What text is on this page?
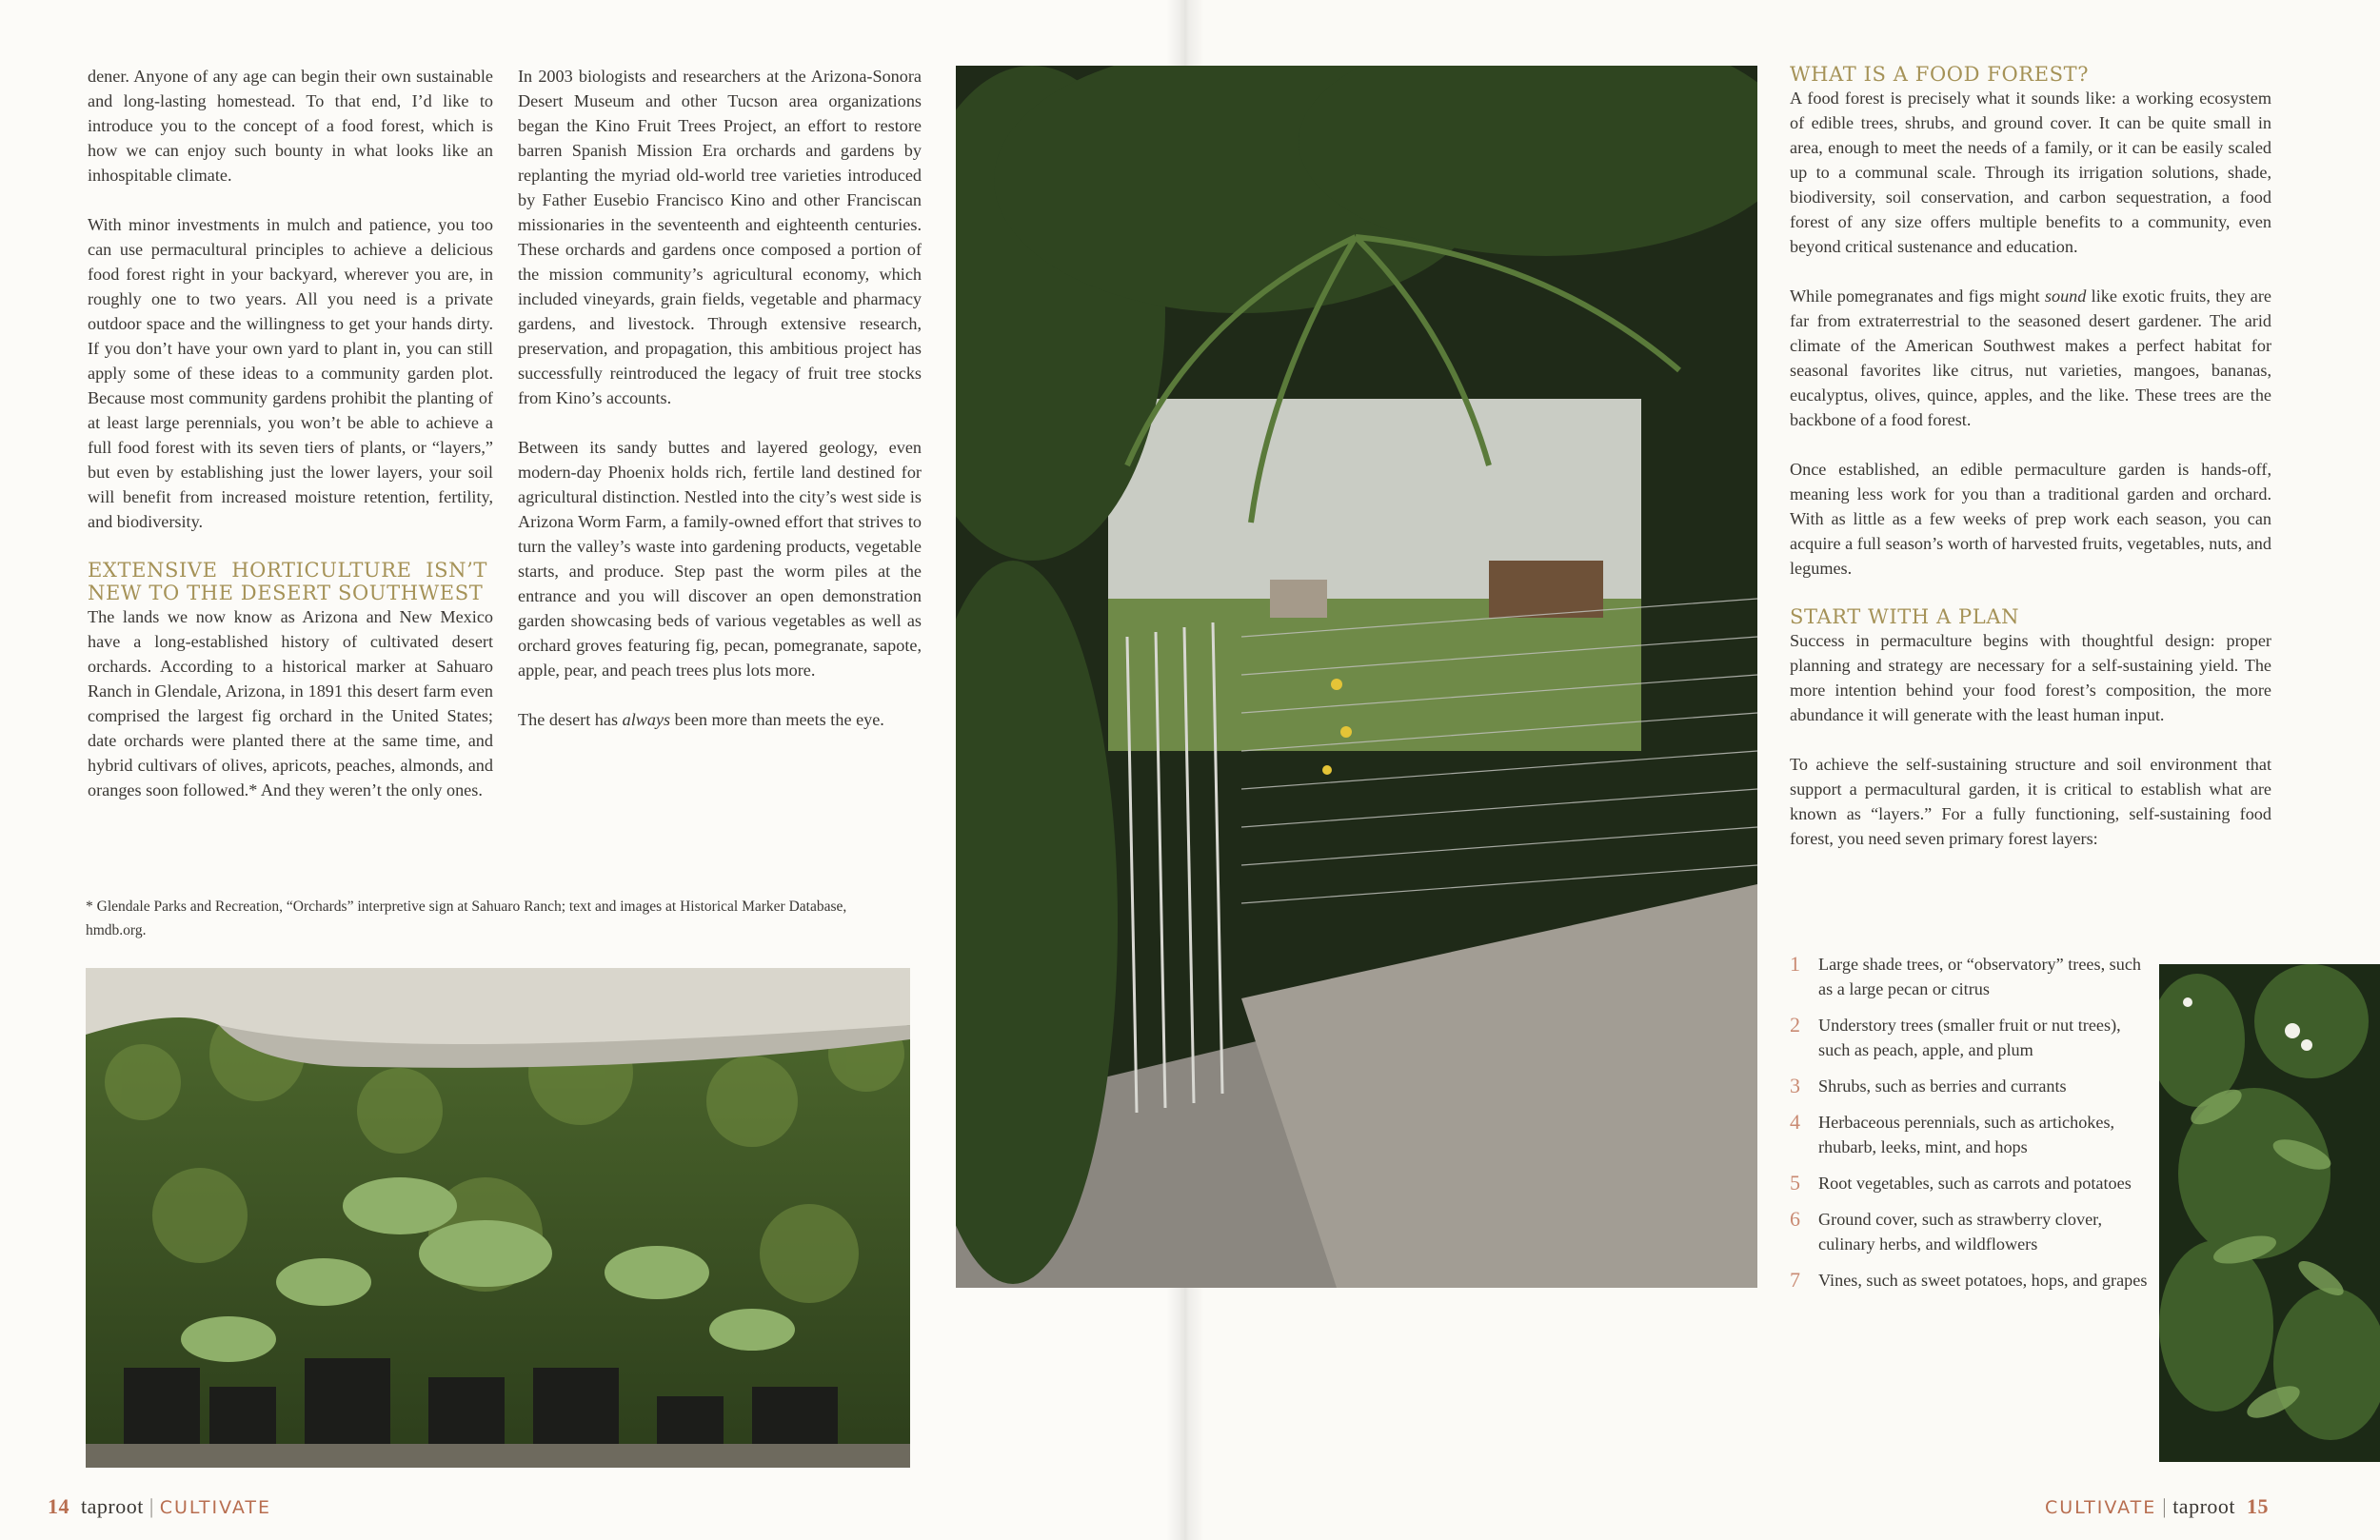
dener. Anyone of any age can begin their own sustainable and long-lasting homestead. To that end, I’d like to introduce you to the concept of a food forest, which is how we can enjoy such bounty in what looks like an inhospitable climate.

With minor investments in mulch and patience, you too can use permacultural principles to achieve a delicious food forest right in your backyard, wherever you are, in roughly one to two years. All you need is a private outdoor space and the willingness to get your hands dirty. If you don’t have your own yard to plant in, you can still apply some of these ideas to a community garden plot. Because most community gardens prohibit the planting of at least large perennials, you won’t be able to achieve a full food forest with its seven tiers of plants, or “layers,” but even by establishing just the lower layers, your soil will benefit from increased moisture retention, fertility, and biodiversity.

EXTENSIVE HORTICULTURE ISN’T NEW TO THE DESERT SOUTHWEST

The lands we now know as Arizona and New Mexico have a long-established history of cultivated desert orchards. According to a historical marker at Sahuaro Ranch in Glendale, Arizona, in 1891 this desert farm even comprised the largest fig orchard in the United States; date orchards were planted there at the same time, and hybrid cultivars of olives, apricots, peaches, almonds, and oranges soon followed.* And they weren’t the only ones.

In 2003 biologists and researchers at the Arizona-Sonora Desert Museum and other Tucson area organizations began the Kino Fruit Trees Project, an effort to restore barren Spanish Mission Era orchards and gardens by replanting the myriad old-world tree varieties introduced by Father Eusebio Francisco Kino and other Franciscan missionaries in the seventeenth and eighteenth centuries. These orchards and gardens once composed a portion of the mission community’s agricultural economy, which included vineyards, grain fields, vegetable and pharmacy gardens, and livestock. Through extensive research, preservation, and propagation, this ambitious project has successfully reintroduced the legacy of fruit tree stocks from Kino’s accounts.

Between its sandy buttes and layered geology, even modern-day Phoenix holds rich, fertile land destined for agricultural distinction. Nestled into the city’s west side is Arizona Worm Farm, a family-owned effort that strives to turn the valley’s waste into gardening products, vegetable starts, and produce. Step past the worm piles at the entrance and you will discover an open demonstration garden showcasing beds of various vegetables as well as orchard groves featuring fig, pecan, pomegranate, sapote, apple, pear, and peach trees plus lots more.

The desert has always been more than meets the eye.

* Glendale Parks and Recreation, “Orchards” interpretive sign at Sahuaro Ranch; text and images at Historical Marker Database, hmdb.org.
14 taproot | CULTIVATE
WHAT IS A FOOD FOREST?

A food forest is precisely what it sounds like: a working ecosystem of edible trees, shrubs, and ground cover. It can be quite small in area, enough to meet the needs of a family, or it can be easily scaled up to a communal scale. Through its irrigation solutions, shade, biodiversity, soil conservation, and carbon sequestration, a food forest of any size offers multiple benefits to a community, even beyond critical sustenance and education.

While pomegranates and figs might sound like exotic fruits, they are far from extraterrestrial to the seasoned desert gardener. The arid climate of the American Southwest makes a perfect habitat for seasonal favorites like citrus, nut varieties, mangoes, bananas, eucalyptus, olives, quince, apples, and the like. These trees are the backbone of a food forest.

Once established, an edible permaculture garden is hands-off, meaning less work for you than a traditional garden and orchard. With as little as a few weeks of prep work each season, you can acquire a full season’s worth of harvested fruits, vegetables, nuts, and legumes.

START WITH A PLAN

Success in permaculture begins with thoughtful design: proper planning and strategy are necessary for a self-sustaining yield. The more intention behind your food forest’s composition, the more abundance it will generate with the least human input.

To achieve the self-sustaining structure and soil environment that support a permacultural garden, it is critical to establish what are known as “layers.” For a fully functioning, self-sustaining food forest, you need seven primary forest layers:

1	Large shade trees, or “observatory” trees, such as a large pecan or citrus
2	Understory trees (smaller fruit or nut trees), such as peach, apple, and plum
3	Shrubs, such as berries and currants
4	Herbaceous perennials, such as artichokes, rhubarb, leeks, mint, and hops
5	Root vegetables, such as carrots and potatoes
6	Ground cover, such as strawberry clover, culinary herbs, and wildflowers
7	Vines, such as sweet potatoes, hops, and grapes
CULTIVATE | taproot 15
